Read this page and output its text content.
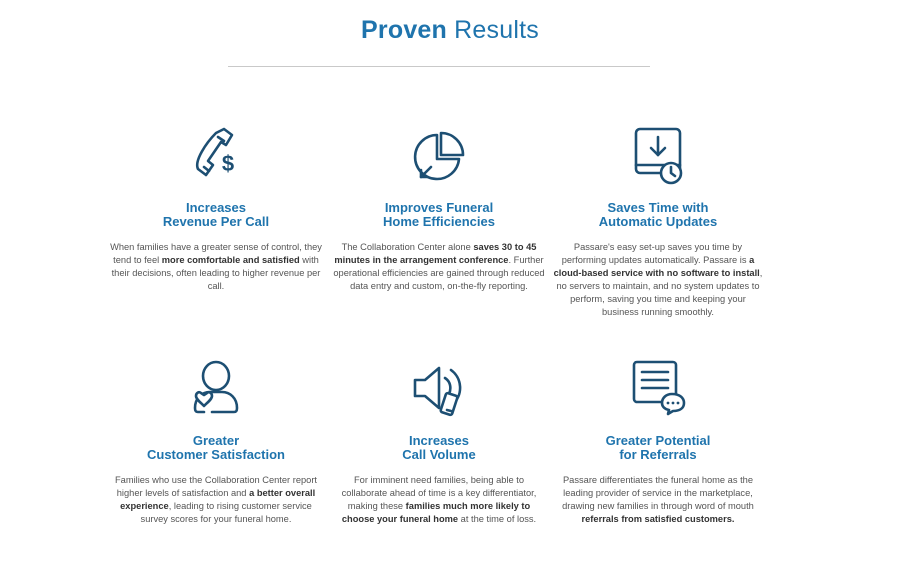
Proven Results
$
Increases
Revenue Per Call
When families have a greater sense of control, they tend to feel more comfortable and satisfied with their decisions, often leading to higher revenue per call.
Improves Funeral
Home Efficiencies
The Collaboration Center alone saves 30 to 45 minutes in the arrangement conference. Further operational efficiencies are gained through reduced data entry and custom, on-the-fly reporting.
Saves Time with
Automatic Updates
Passare's easy set-up saves you time by performing updates automatically. Passare is a cloud-based service with no software to install, no servers to maintain, and no system updates to perform, saving you time and keeping your business running smoothly.
Greater
Customer Satisfaction
Families who use the Collaboration Center report higher levels of satisfaction and a better overall experience, leading to rising customer service survey scores for your funeral home.
Increases
Call Volume
For imminent need families, being able to collaborate ahead of time is a key differentiator, making these families much more likely to choose your funeral home at the time of loss.
Greater Potential
for Referrals
Passare differentiates the funeral home as the leading provider of service in the marketplace, drawing new families in through word of mouth referrals from satisfied customers.
